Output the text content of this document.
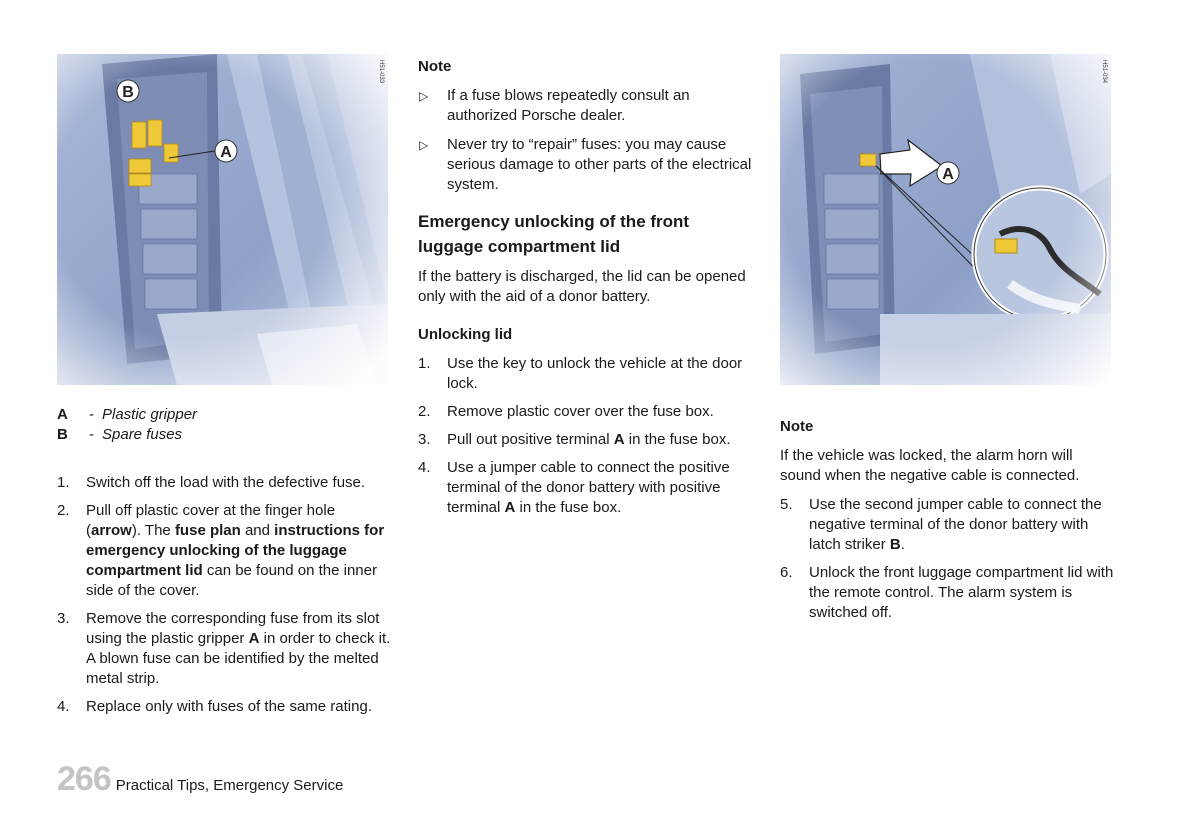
B
A
H51-033
A
H51-034
A	- Plastic gripper
B	- Spare fuses
1. Switch off the load with the defective fuse.
2. Pull off plastic cover at the finger hole (arrow). The fuse plan and instructions for emergency unlocking of the luggage compartment lid can be found on the inner side of the cover.
3. Remove the corresponding fuse from its slot using the plastic gripper A in order to check it. A blown fuse can be identified by the melted metal strip.
4. Replace only with fuses of the same rating.
Note
▷ If a fuse blows repeatedly consult an authorized Porsche dealer.
▷ Never try to “repair” fuses: you may cause serious damage to other parts of the electrical system.
Emergency unlocking of the front luggage compartment lid

If the battery is discharged, the lid can be opened only with the aid of a donor battery.

Unlocking lid
1. Use the key to unlock the vehicle at the door lock.
2. Remove plastic cover over the fuse box.
3. Pull out positive terminal A in the fuse box.
4. Use a jumper cable to connect the positive terminal of the donor battery with positive terminal A in the fuse box.
Note

If the vehicle was locked, the alarm horn will sound when the negative cable is connected.

5. Use the second jumper cable to connect the negative terminal of the donor battery with latch striker B.
6. Unlock the front luggage compartment lid with the remote control. The alarm system is switched off.
266 Practical Tips, Emergency Service
